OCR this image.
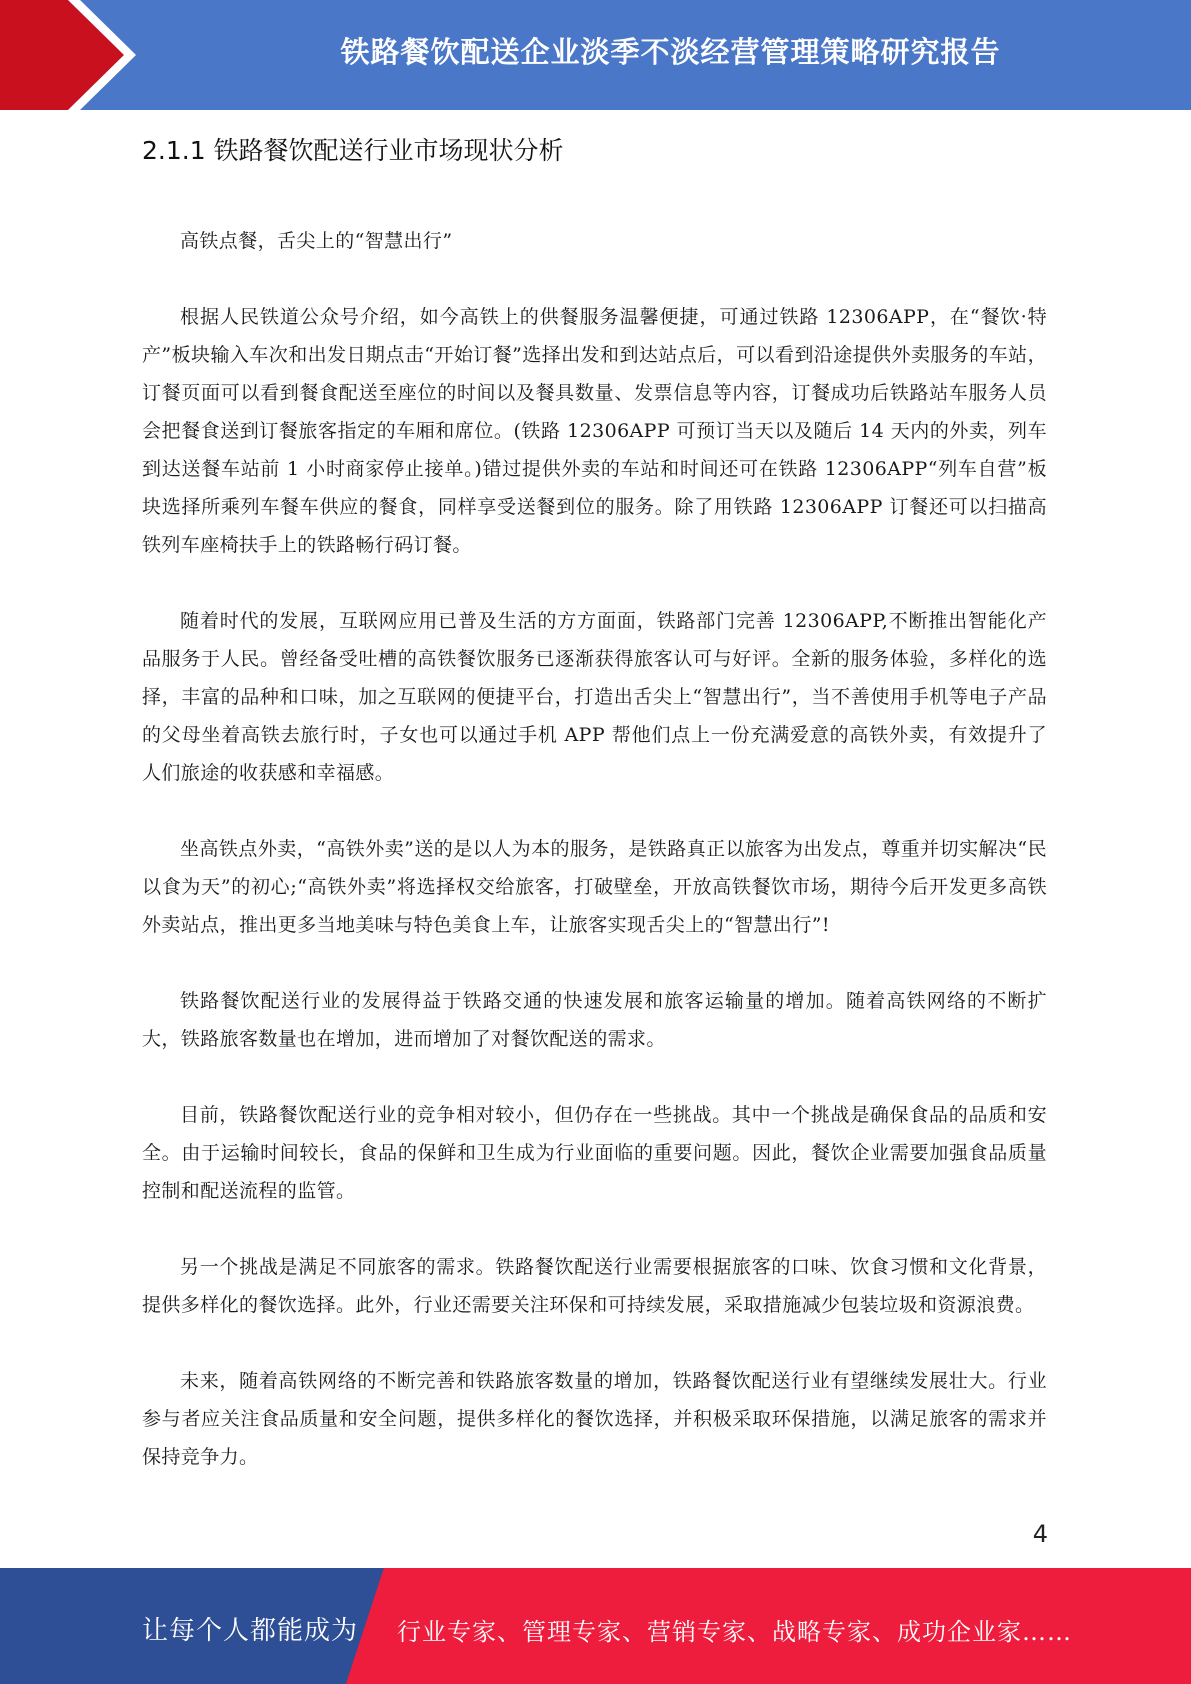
铁路餐饮配送企业淡季不淡经营管理策略研究报告
2.1.1 铁路餐饮配送行业市场现状分析

高铁点餐，舌尖上的“智慧出行”

根据人民铁道公众号介绍，如今高铁上的供餐服务温馨便捷，可通过铁路 12306APP，在“餐饮·特产”板块输入车次和出发日期点击“开始订餐”选择出发和到达站点后，可以看到沿途提供外卖服务的车站，订餐页面可以看到餐食配送至座位的时间以及餐具数量、发票信息等内容，订餐成功后铁路站车服务人员会把餐食送到订餐旅客指定的车厢和席位。(铁路 12306APP 可预订当天以及随后 14 天内的外卖，列车到达送餐车站前 1 小时商家停止接单。)错过提供外卖的车站和时间还可在铁路 12306APP“列车自营”板块选择所乘列车餐车供应的餐食，同样享受送餐到位的服务。除了用铁路 12306APP 订餐还可以扫描高铁列车座椅扶手上的铁路畅行码订餐。

随着时代的发展，互联网应用已普及生活的方方面面，铁路部门完善 12306APP,不断推出智能化产品服务于人民。曾经备受吐槽的高铁餐饮服务已逐渐获得旅客认可与好评。全新的服务体验，多样化的选择，丰富的品种和口味，加之互联网的便捷平台，打造出舌尖上“智慧出行”，当不善使用手机等电子产品的父母坐着高铁去旅行时，子女也可以通过手机 APP 帮他们点上一份充满爱意的高铁外卖，有效提升了人们旅途的收获感和幸福感。

坐高铁点外卖，“高铁外卖”送的是以人为本的服务，是铁路真正以旅客为出发点，尊重并切实解决“民以食为天”的初心;“高铁外卖”将选择权交给旅客，打破壁垒，开放高铁餐饮市场，期待今后开发更多高铁外卖站点，推出更多当地美味与特色美食上车，让旅客实现舌尖上的“智慧出行”!

铁路餐饮配送行业的发展得益于铁路交通的快速发展和旅客运输量的增加。随着高铁网络的不断扩大，铁路旅客数量也在增加，进而增加了对餐饮配送的需求。

目前，铁路餐饮配送行业的竞争相对较小，但仍存在一些挑战。其中一个挑战是确保食品的品质和安全。由于运输时间较长，食品的保鲜和卫生成为行业面临的重要问题。因此，餐饮企业需要加强食品质量控制和配送流程的监管。

另一个挑战是满足不同旅客的需求。铁路餐饮配送行业需要根据旅客的口味、饮食习惯和文化背景，提供多样化的餐饮选择。此外，行业还需要关注环保和可持续发展，采取措施减少包装垃圾和资源浪费。

未来，随着高铁网络的不断完善和铁路旅客数量的增加，铁路餐饮配送行业有望继续发展壮大。行业参与者应关注食品质量和安全问题，提供多样化的餐饮选择，并积极采取环保措施，以满足旅客的需求并保持竞争力。

4
让每个人都能成为 行业专家、管理专家、营销专家、战略专家、成功企业家……
